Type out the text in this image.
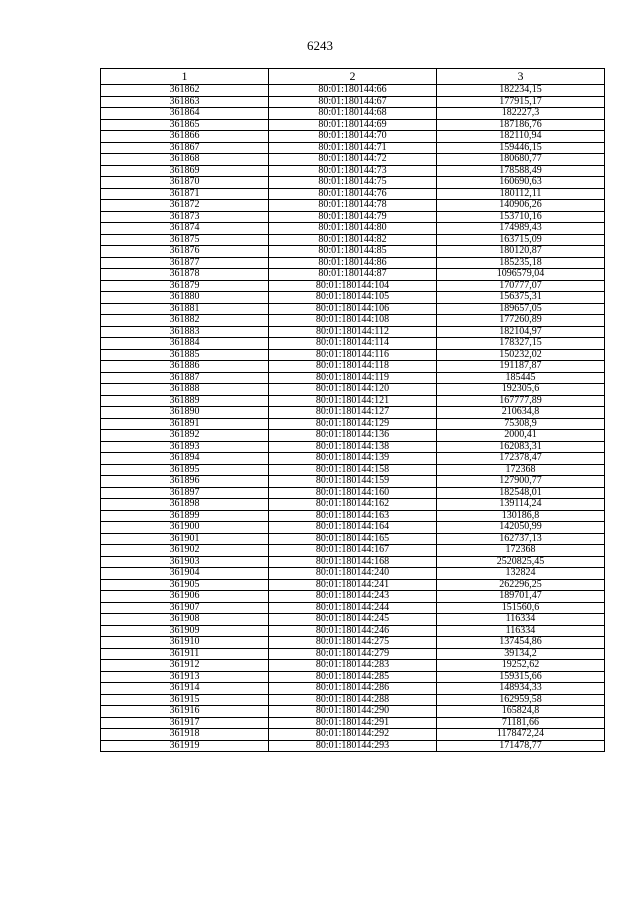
6243
1	2	3
361862	80:01:180144:66	182234,15
361863	80:01:180144:67	177915,17
361864	80:01:180144:68	182227,3
361865	80:01:180144:69	187186,76
361866	80:01:180144:70	182110,94
361867	80:01:180144:71	159446,15
361868	80:01:180144:72	180680,77
361869	80:01:180144:73	178588,49
361870	80:01:180144:75	160690,63
361871	80:01:180144:76	180112,11
361872	80:01:180144:78	140906,26
361873	80:01:180144:79	153710,16
361874	80:01:180144:80	174989,43
361875	80:01:180144:82	163715,09
361876	80:01:180144:85	180120,87
361877	80:01:180144:86	185235,18
361878	80:01:180144:87	1096579,04
361879	80:01:180144:104	170777,07
361880	80:01:180144:105	156375,31
361881	80:01:180144:106	189657,05
361882	80:01:180144:108	177260,89
361883	80:01:180144:112	182104,97
361884	80:01:180144:114	178327,15
361885	80:01:180144:116	150232,02
361886	80:01:180144:118	191187,87
361887	80:01:180144:119	185445
361888	80:01:180144:120	192305,6
361889	80:01:180144:121	167777,89
361890	80:01:180144:127	210634,8
361891	80:01:180144:129	75308,9
361892	80:01:180144:136	2000,41
361893	80:01:180144:138	162083,31
361894	80:01:180144:139	172378,47
361895	80:01:180144:158	172368
361896	80:01:180144:159	127900,77
361897	80:01:180144:160	182548,01
361898	80:01:180144:162	139114,24
361899	80:01:180144:163	130186,8
361900	80:01:180144:164	142050,99
361901	80:01:180144:165	162737,13
361902	80:01:180144:167	172368
361903	80:01:180144:168	2520825,45
361904	80:01:180144:240	132824
361905	80:01:180144:241	262296,25
361906	80:01:180144:243	189701,47
361907	80:01:180144:244	151560,6
361908	80:01:180144:245	116334
361909	80:01:180144:246	116334
361910	80:01:180144:275	137454,86
361911	80:01:180144:279	39134,2
361912	80:01:180144:283	19252,62
361913	80:01:180144:285	159315,66
361914	80:01:180144:286	148934,33
361915	80:01:180144:288	162959,58
361916	80:01:180144:290	165824,8
361917	80:01:180144:291	71181,66
361918	80:01:180144:292	1178472,24
361919	80:01:180144:293	171478,77
